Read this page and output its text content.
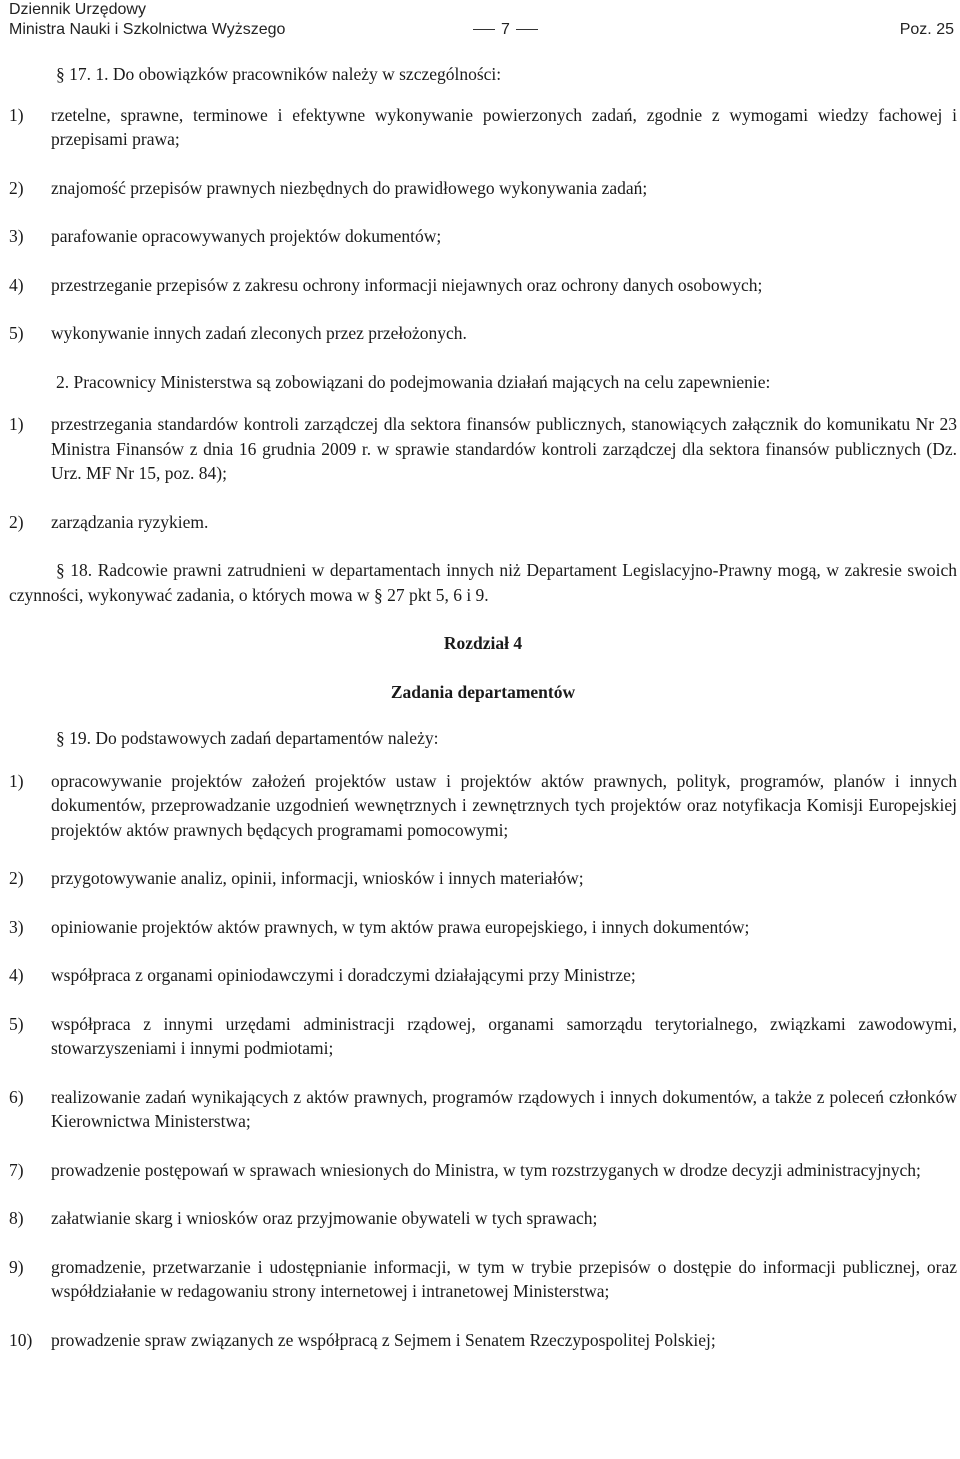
Dziennik Urzędowy
Ministra Nauki i Szkolnictwa Wyższego	7	Poz. 25

§ 17. 1. Do obowiązków pracowników należy w szczególności:

1)	rzetelne, sprawne, terminowe i efektywne wykonywanie powierzonych zadań, zgodnie z wymogami wiedzy fachowej i przepisami prawa;
2)	znajomość przepisów prawnych niezbędnych do prawidłowego wykonywania zadań;
3)	parafowanie opracowywanych projektów dokumentów;
4)	przestrzeganie przepisów z zakresu ochrony informacji niejawnych oraz ochrony danych osobowych;
5)	wykonywanie innych zadań zleconych przez przełożonych.

2. Pracownicy Ministerstwa są zobowiązani do podejmowania działań mających na celu zapewnienie:

1)	przestrzegania standardów kontroli zarządczej dla sektora finansów publicznych, stanowiących załącznik do komunikatu Nr 23 Ministra Finansów z dnia 16 grudnia 2009 r. w sprawie standardów kontroli zarządczej dla sektora finansów publicznych (Dz. Urz. MF Nr 15, poz. 84);
2)	zarządzania ryzykiem.

§ 18. Radcowie prawni zatrudnieni w departamentach innych niż Departament Legislacyjno-Prawny mogą, w zakresie swoich czynności, wykonywać zadania, o których mowa w § 27 pkt 5, 6 i 9.

Rozdział 4

Zadania departamentów

§ 19. Do podstawowych zadań departamentów należy:

1)	opracowywanie projektów założeń projektów ustaw i projektów aktów prawnych, polityk, programów, planów i innych dokumentów, przeprowadzanie uzgodnień wewnętrznych i zewnętrznych tych projektów oraz notyfikacja Komisji Europejskiej projektów aktów prawnych będących programami pomocowymi;
2)	przygotowywanie analiz, opinii, informacji, wniosków i innych materiałów;
3)	opiniowanie projektów aktów prawnych, w tym aktów prawa europejskiego, i innych dokumentów;
4)	współpraca z organami opiniodawczymi i doradczymi działającymi przy Ministrze;
5)	współpraca z innymi urzędami administracji rządowej, organami samorządu terytorialnego, związkami zawodowymi, stowarzyszeniami i innymi podmiotami;
6)	realizowanie zadań wynikających z aktów prawnych, programów rządowych i innych dokumentów, a także z poleceń członków Kierownictwa Ministerstwa;
7)	prowadzenie postępowań w sprawach wniesionych do Ministra, w tym rozstrzyganych w drodze decyzji administracyjnych;
8)	załatwianie skarg i wniosków oraz przyjmowanie obywateli w tych sprawach;
9)	gromadzenie, przetwarzanie i udostępnianie informacji, w tym w trybie przepisów o dostępie do informacji publicznej, oraz współdziałanie w redagowaniu strony internetowej i intranetowej Ministerstwa;
10)	prowadzenie spraw związanych ze współpracą z Sejmem i Senatem Rzeczypospolitej Polskiej;
